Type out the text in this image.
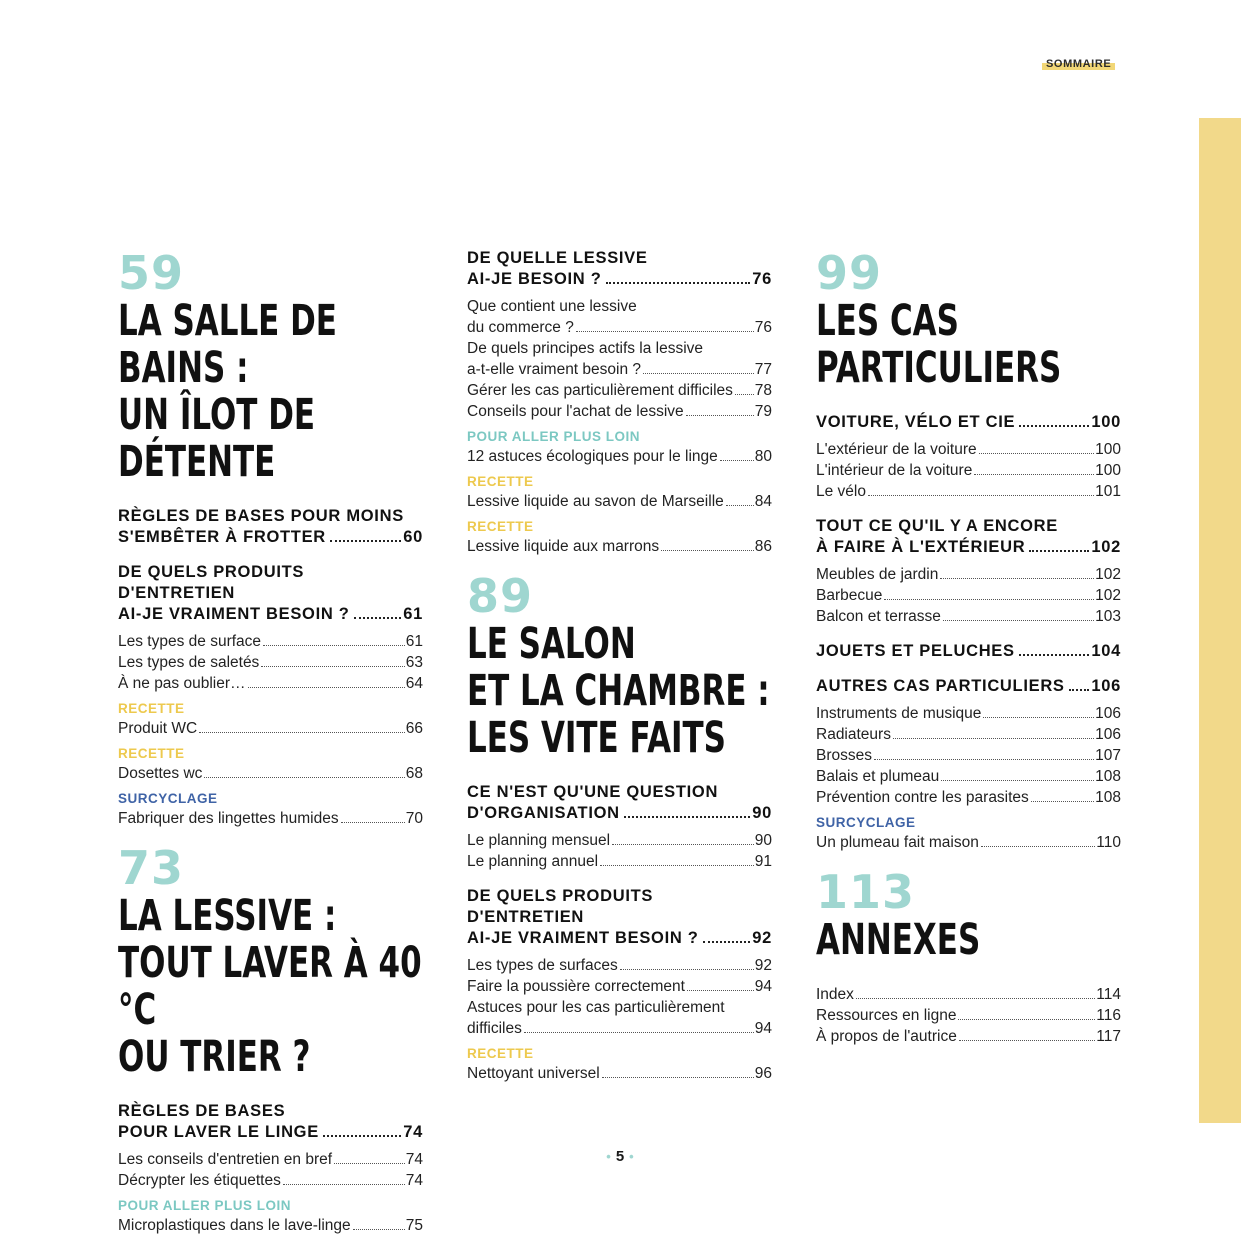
SOMMAIRE
59
LA SALLE DE BAINS :
UN ÎLOT DE DÉTENTE
RÈGLES DE BASES POUR MOINS
S'EMBÊTER À FROTTER	60
DE QUELS PRODUITS D'ENTRETIEN
AI-JE VRAIMENT BESOIN ?	61
Les types de surface	61
Les types de saletés	63
À ne pas oublier…	64
RECETTE
Produit WC	66
RECETTE
Dosettes wc	68
SURCYCLAGE
Fabriquer des lingettes humides	70
73
LA LESSIVE :
TOUT LAVER À 40 °C
OU TRIER ?
RÈGLES DE BASES
POUR LAVER LE LINGE	74
Les conseils d'entretien en bref	74
Décrypter les étiquettes	74
POUR ALLER PLUS LOIN
Microplastiques dans le lave-linge	75
DE QUELLE LESSIVE
AI-JE BESOIN ?	76
Que contient une lessive
du commerce ?	76
De quels principes actifs la lessive
a-t-elle vraiment besoin ?	77
Gérer les cas particulièrement difficiles 78
Conseils pour l'achat de lessive	79
POUR ALLER PLUS LOIN
12 astuces écologiques pour le linge 80
RECETTE
Lessive liquide au savon de Marseille 84
RECETTE
Lessive liquide aux marrons	86
89
LE SALON
ET LA CHAMBRE :
LES VITE FAITS
CE N'EST QU'UNE QUESTION
D'ORGANISATION	90
Le planning mensuel	90
Le planning annuel	91
DE QUELS PRODUITS D'ENTRETIEN
AI-JE VRAIMENT BESOIN ?	92
Les types de surfaces	92
Faire la poussière correctement	94
Astuces pour les cas particulièrement
difficiles	94
RECETTE
Nettoyant universel	96
99
LES CAS
PARTICULIERS
VOITURE, VÉLO ET CIE	100
L'extérieur de la voiture	100
L'intérieur de la voiture	100
Le vélo	101
TOUT CE QU'IL Y A ENCORE
À FAIRE À L'EXTÉRIEUR	102
Meubles de jardin	102
Barbecue	102
Balcon et terrasse	103
JOUETS ET PELUCHES	104
AUTRES CAS PARTICULIERS 106
Instruments de musique	106
Radiateurs	106
Brosses	107
Balais et plumeau	108
Prévention contre les parasites	108
SURCYCLAGE
Un plumeau fait maison	110
113
ANNEXES
Index	114
Ressources en ligne	116
À propos de l'autrice	117
• 5 •
